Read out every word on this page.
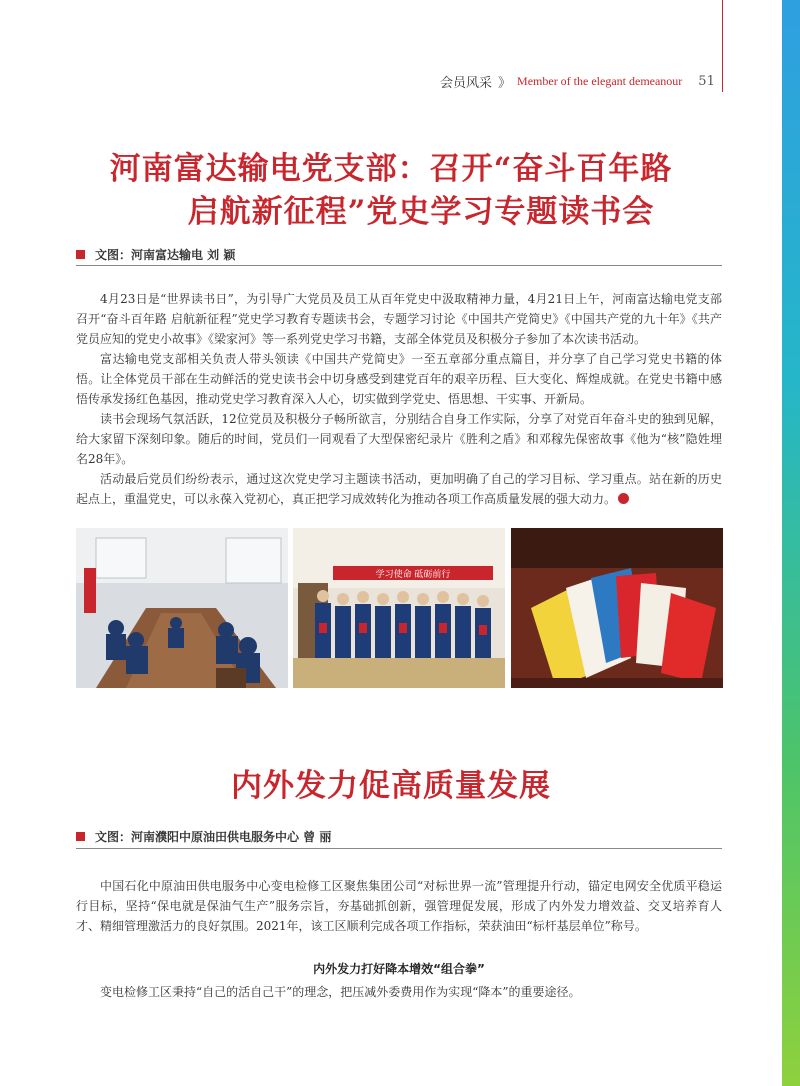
会员风采 》 Member of the elegant demeanour 51
河南富达输电党支部：召开“奋斗百年路
启航新征程”党史学习专题读书会
文图：河南富达输电 刘 颖

4月23日是“世界读书日”，为引导广大党员及员工从百年党史中汲取精神力量，4月21日上午，河南富达输电党支部召开“奋斗百年路 启航新征程”党史学习教育专题读书会，专题学习讨论《中国共产党简史》《中国共产党的九十年》《共产党员应知的党史小故事》《梁家河》等一系列党史学习书籍，支部全体党员及积极分子参加了本次读书活动。

富达输电党支部相关负责人带头领读《中国共产党简史》一至五章部分重点篇目，并分享了自己学习党史书籍的体悟。让全体党员干部在生动鲜活的党史读书会中切身感受到建党百年的艰辛历程、巨大变化、辉煌成就。在党史书籍中感悟传承发扬红色基因，推动党史学习教育深入人心，切实做到学党史、悟思想、干实事、开新局。

读书会现场气氛活跃，12位党员及积极分子畅所欲言，分别结合自身工作实际，分享了对党百年奋斗史的独到见解，给大家留下深刻印象。随后的时间，党员们一同观看了大型保密纪录片《胜利之盾》和邓稼先保密故事《他为“核”隐姓埋名28年》。

活动最后党员们纷纷表示，通过这次党史学习主题读书活动，更加明确了自己的学习目标、学习重点。站在新的历史起点上，重温党史，可以永葆入党初心，真正把学习成效转化为推动各项工作高质量发展的强大动力。

学习使命 砥砺前行
内外发力促高质量发展
文图：河南濮阳中原油田供电服务中心 曾 丽

中国石化中原油田供电服务中心变电检修工区聚焦集团公司“对标世界一流”管理提升行动，锚定电网安全优质平稳运行目标，坚持“保电就是保油气生产”服务宗旨，夯基础抓创新，强管理促发展，形成了内外发力增效益、交叉培养育人才、精细管理激活力的良好氛围。2021年，该工区顺利完成各项工作指标，荣获油田“标杆基层单位”称号。

内外发力打好降本增效“组合拳”

变电检修工区秉持“自己的活自己干”的理念，把压减外委费用作为实现“降本”的重要途径。
